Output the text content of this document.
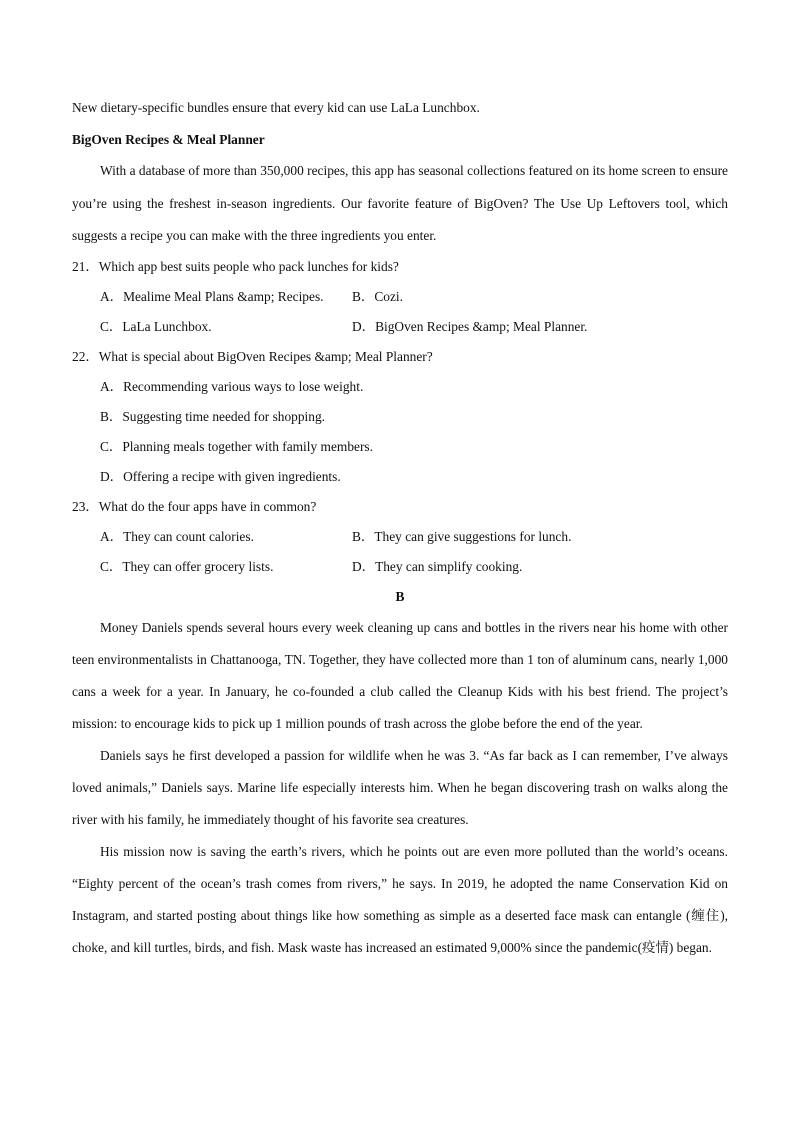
New dietary-specific bundles ensure that every kid can use LaLa Lunchbox.
BigOven Recipes & Meal Planner

With a database of more than 350,000 recipes, this app has seasonal collections featured on its home screen to ensure you’re using the freshest in-season ingredients. Our favorite feature of BigOven? The Use Up Leftovers tool, which suggests a recipe you can make with the three ingredients you enter.

21．Which app best suits people who pack lunches for kids?
A．Mealime Meal Plans &amp; Recipes.	B．Cozi.
C．LaLa Lunchbox.	D．BigOven Recipes &amp; Meal Planner.
22．What is special about BigOven Recipes &amp; Meal Planner?
A．Recommending various ways to lose weight.
B．Suggesting time needed for shopping.
C．Planning meals together with family members.
D．Offering a recipe with given ingredients.
23．What do the four apps have in common?
A．They can count calories.	B．They can give suggestions for lunch.
C．They can offer grocery lists.	D．They can simplify cooking.
B

Money Daniels spends several hours every week cleaning up cans and bottles in the rivers near his home with other teen environmentalists in Chattanooga, TN. Together, they have collected more than 1 ton of aluminum cans, nearly 1,000 cans a week for a year. In January, he co-founded a club called the Cleanup Kids with his best friend. The project’s mission: to encourage kids to pick up 1 million pounds of trash across the globe before the end of the year.

Daniels says he first developed a passion for wildlife when he was 3. “As far back as I can remember, I’ve always loved animals,” Daniels says. Marine life especially interests him. When he began discovering trash on walks along the river with his family, he immediately thought of his favorite sea creatures.

His mission now is saving the earth’s rivers, which he points out are even more polluted than the world’s oceans. “Eighty percent of the ocean’s trash comes from rivers,” he says. In 2019, he adopted the name Conservation Kid on Instagram, and started posting about things like how something as simple as a deserted face mask can entangle (缠住), choke, and kill turtles, birds, and fish. Mask waste has increased an estimated 9,000% since the pandemic(疫情) began.
